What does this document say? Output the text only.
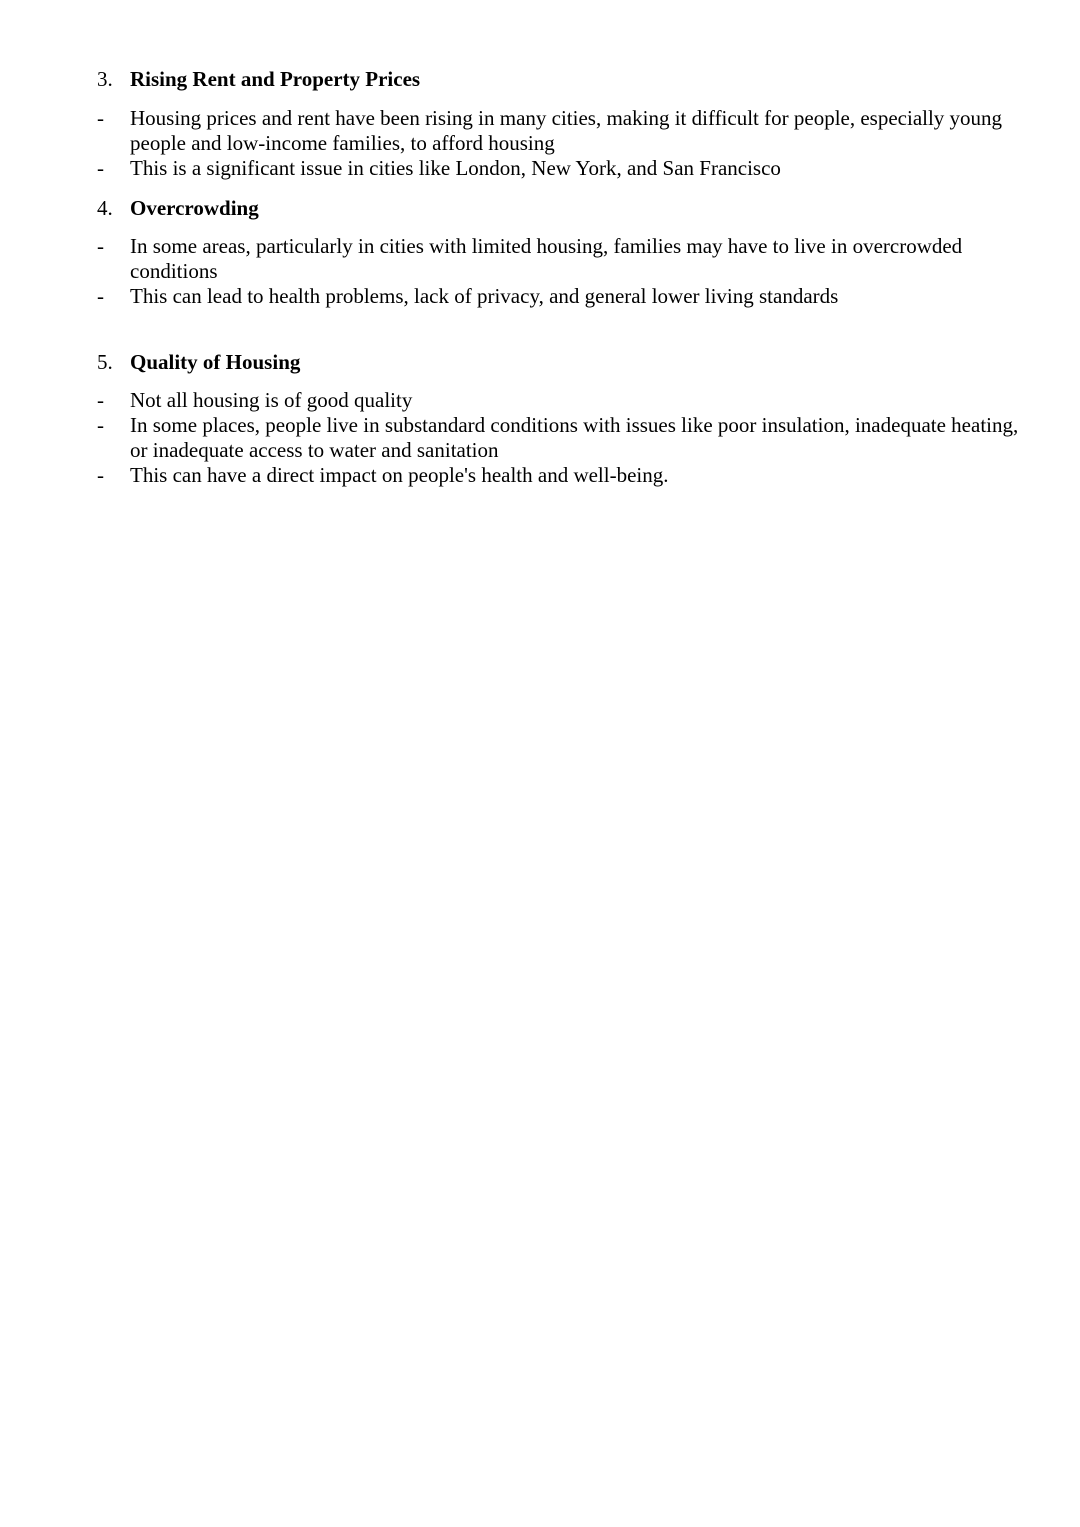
3. Rising Rent and Property Prices
-	Housing prices and rent have been rising in many cities, making it difficult for people, especially young people and low-income families, to afford housing
-	This is a significant issue in cities like London, New York, and San Francisco
4. Overcrowding
-	In some areas, particularly in cities with limited housing, families may have to live in overcrowded conditions
-	This can lead to health problems, lack of privacy, and general lower living standards
5. Quality of Housing
-	Not all housing is of good quality
-	In some places, people live in substandard conditions with issues like poor insulation, inadequate heating, or inadequate access to water and sanitation
-	This can have a direct impact on people's health and well-being.
